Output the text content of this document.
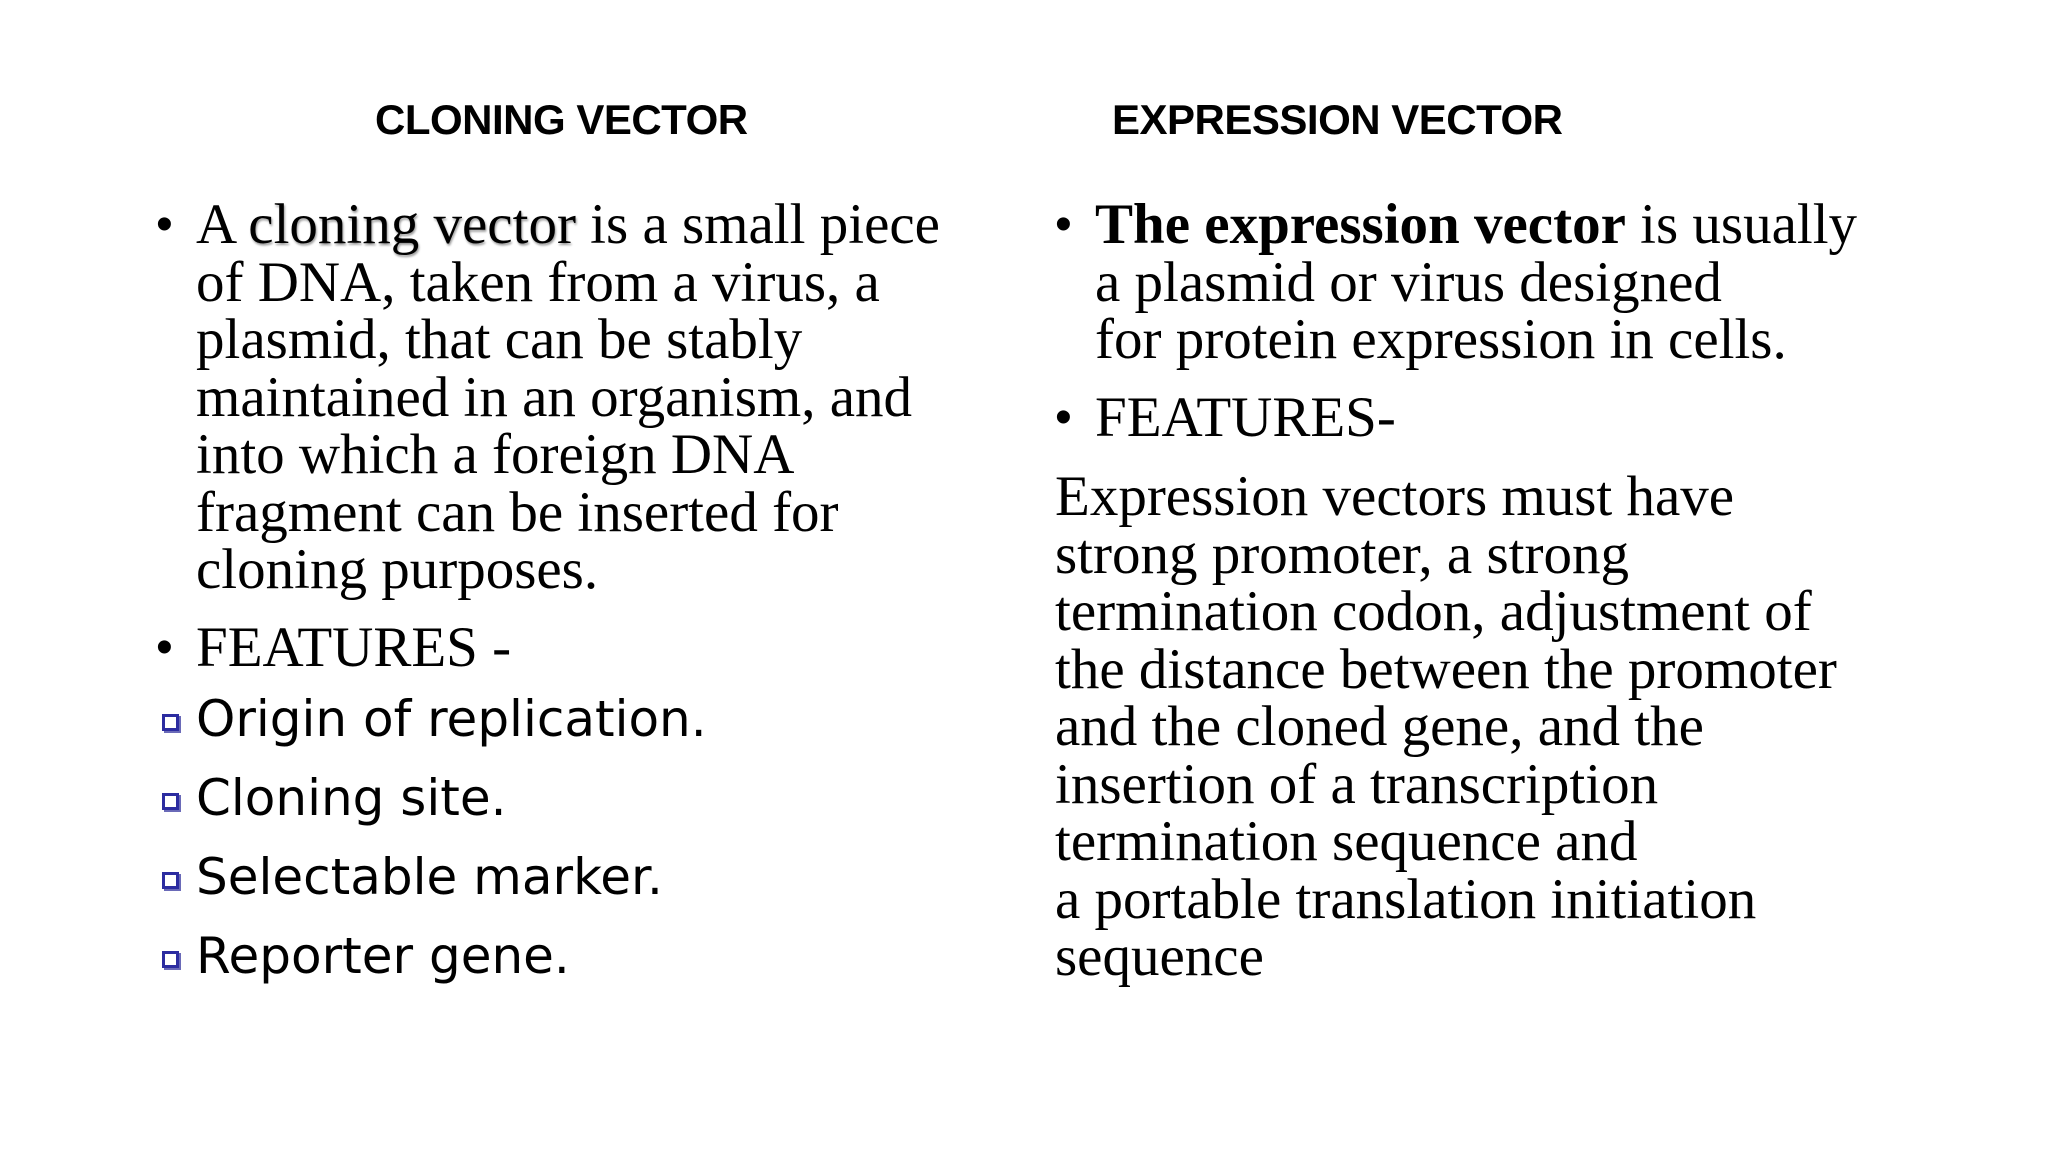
CLONING VECTOR	EXPRESSION VECTOR
• A cloning vector is a small piece
of DNA, taken from a virus, a
plasmid, that can be stably
maintained in an organism, and
into which a foreign DNA
fragment can be inserted for
cloning purposes.
• FEATURES -
Origin of replication.
Cloning site.
Selectable marker.
Reporter gene.
• The expression vector is usually
a plasmid or virus designed
for protein expression in cells.
• FEATURES-
Expression vectors must have
strong promoter, a strong
termination codon, adjustment of
the distance between the promoter
and the cloned gene, and the
insertion of a transcription
termination sequence and
a portable translation initiation
sequence
